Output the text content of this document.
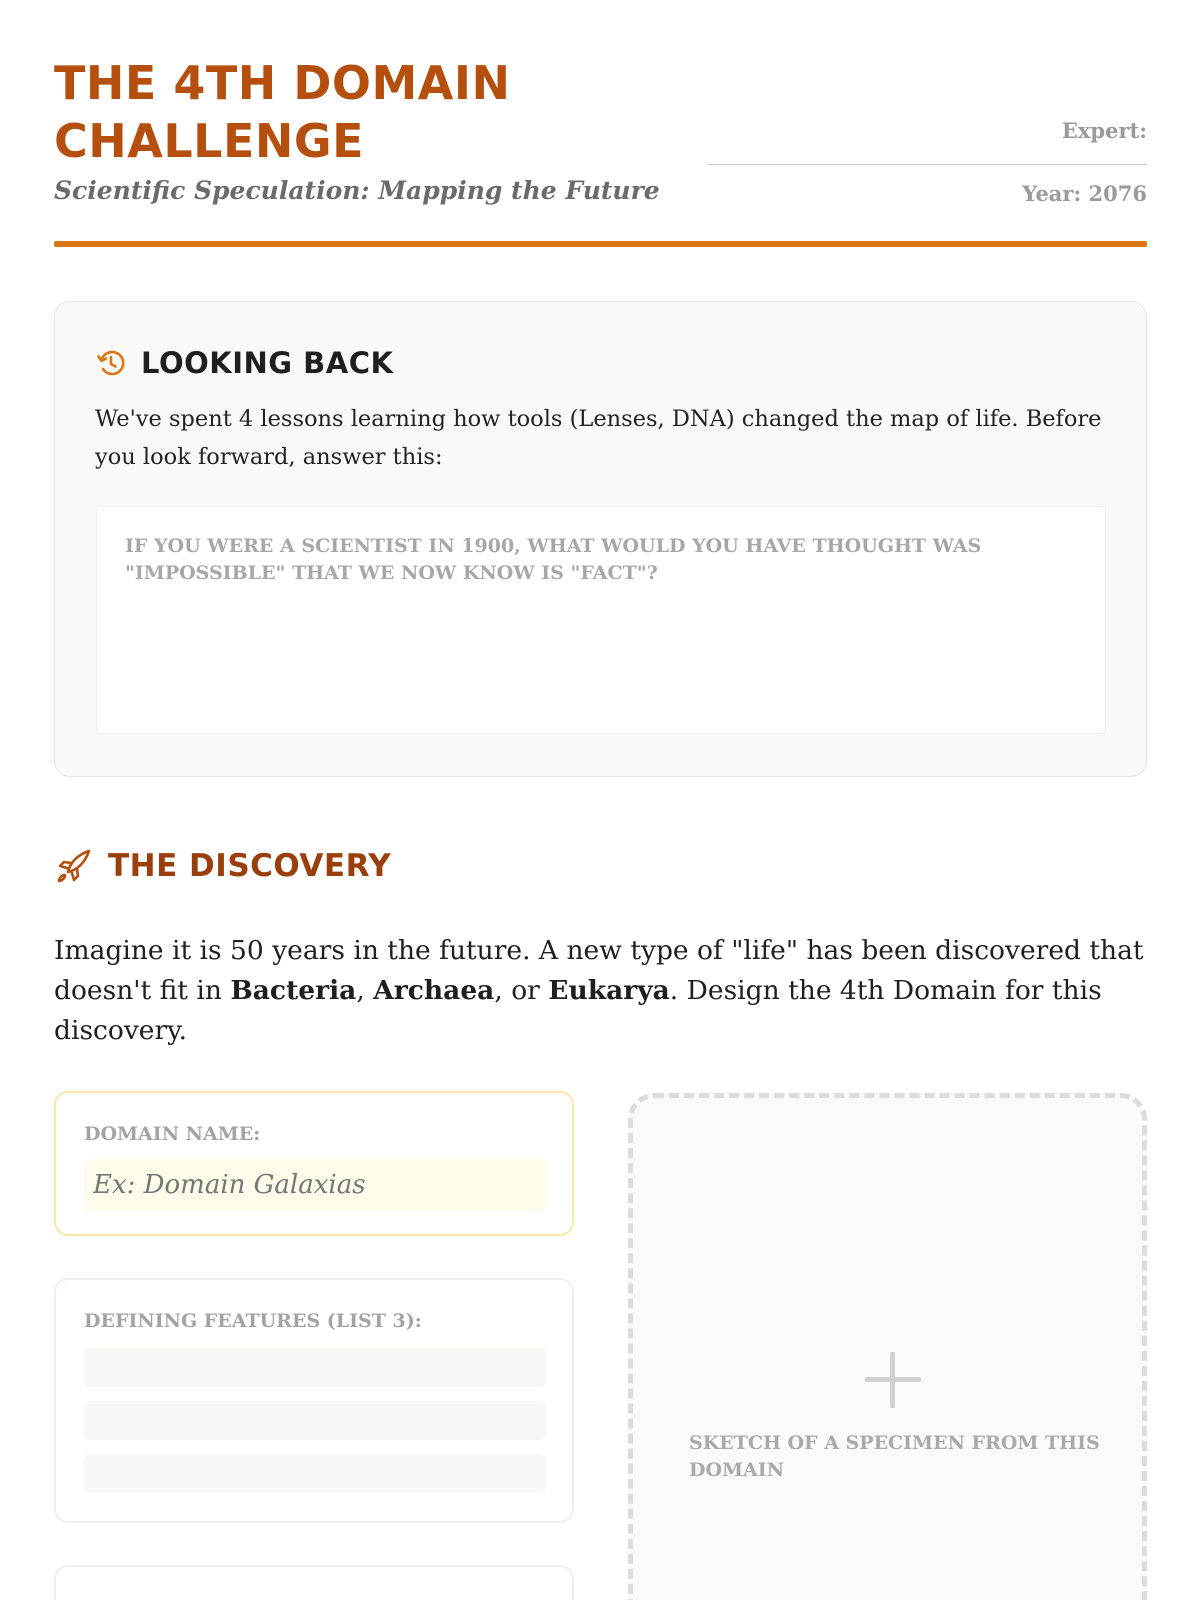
THE 4TH DOMAIN CHALLENGE
Scientific Speculation: Mapping the Future
Expert:
Year: 2076
LOOKING BACK
We've spent 4 lessons learning how tools (Lenses, DNA) changed the map of life. Before you look forward, answer this:
IF YOU WERE A SCIENTIST IN 1900, WHAT WOULD YOU HAVE THOUGHT WAS "IMPOSSIBLE" THAT WE NOW KNOW IS "FACT"?
THE DISCOVERY
Imagine it is 50 years in the future. A new type of "life" has been discovered that doesn't fit in Bacteria, Archaea, or Eukarya. Design the 4th Domain for this discovery.
DOMAIN NAME:
Ex: Domain Galaxias
DEFINING FEATURES (LIST 3):
SKETCH OF A SPECIMEN FROM THIS DOMAIN
